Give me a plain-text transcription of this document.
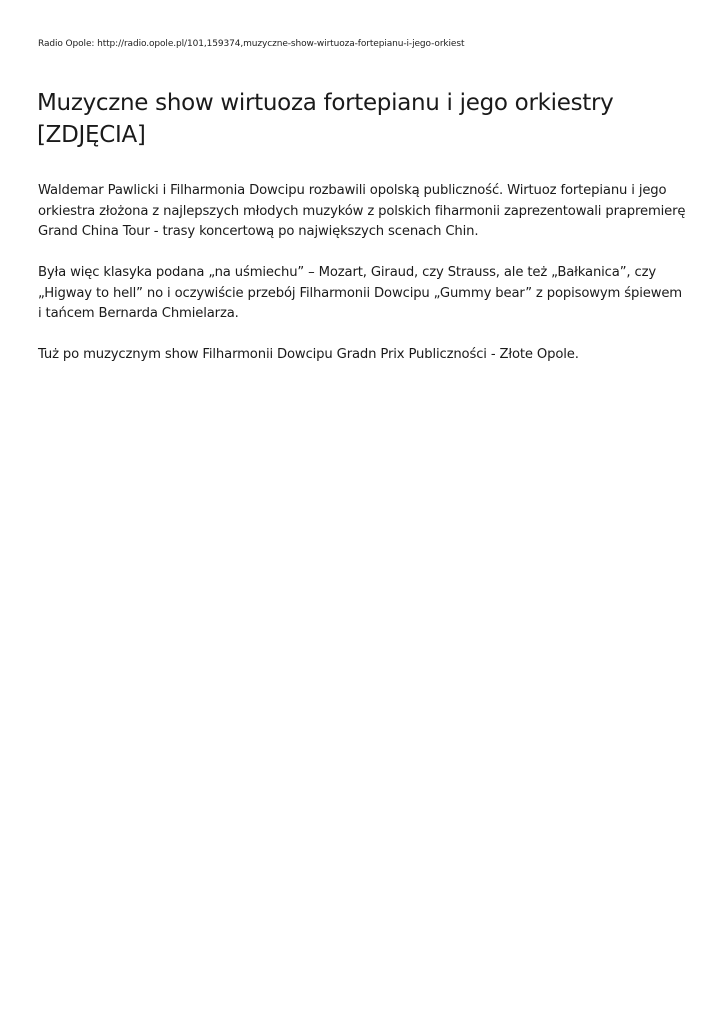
Radio Opole: http://radio.opole.pl/101,159374,muzyczne-show-wirtuoza-fortepianu-i-jego-orkiest
Muzyczne show wirtuoza fortepianu i jego orkiestry [ZDJĘCIA]

Waldemar Pawlicki i Filharmonia Dowcipu rozbawili opolską publiczność. Wirtuoz fortepianu i jego orkiestra złożona z najlepszych młodych muzyków z polskich fiharmonii zaprezentowali prapremierę Grand China Tour - trasy koncertową po największych scenach Chin.

Była więc klasyka podana „na uśmiechu” – Mozart, Giraud, czy Strauss, ale też „Bałkanica”, czy „Higway to hell” no i oczywiście przebój Filharmonii Dowcipu „Gummy bear” z popisowym śpiewem i tańcem Bernarda Chmielarza.

Tuż po muzycznym show Filharmonii Dowcipu Gradn Prix Publiczności - Złote Opole.
